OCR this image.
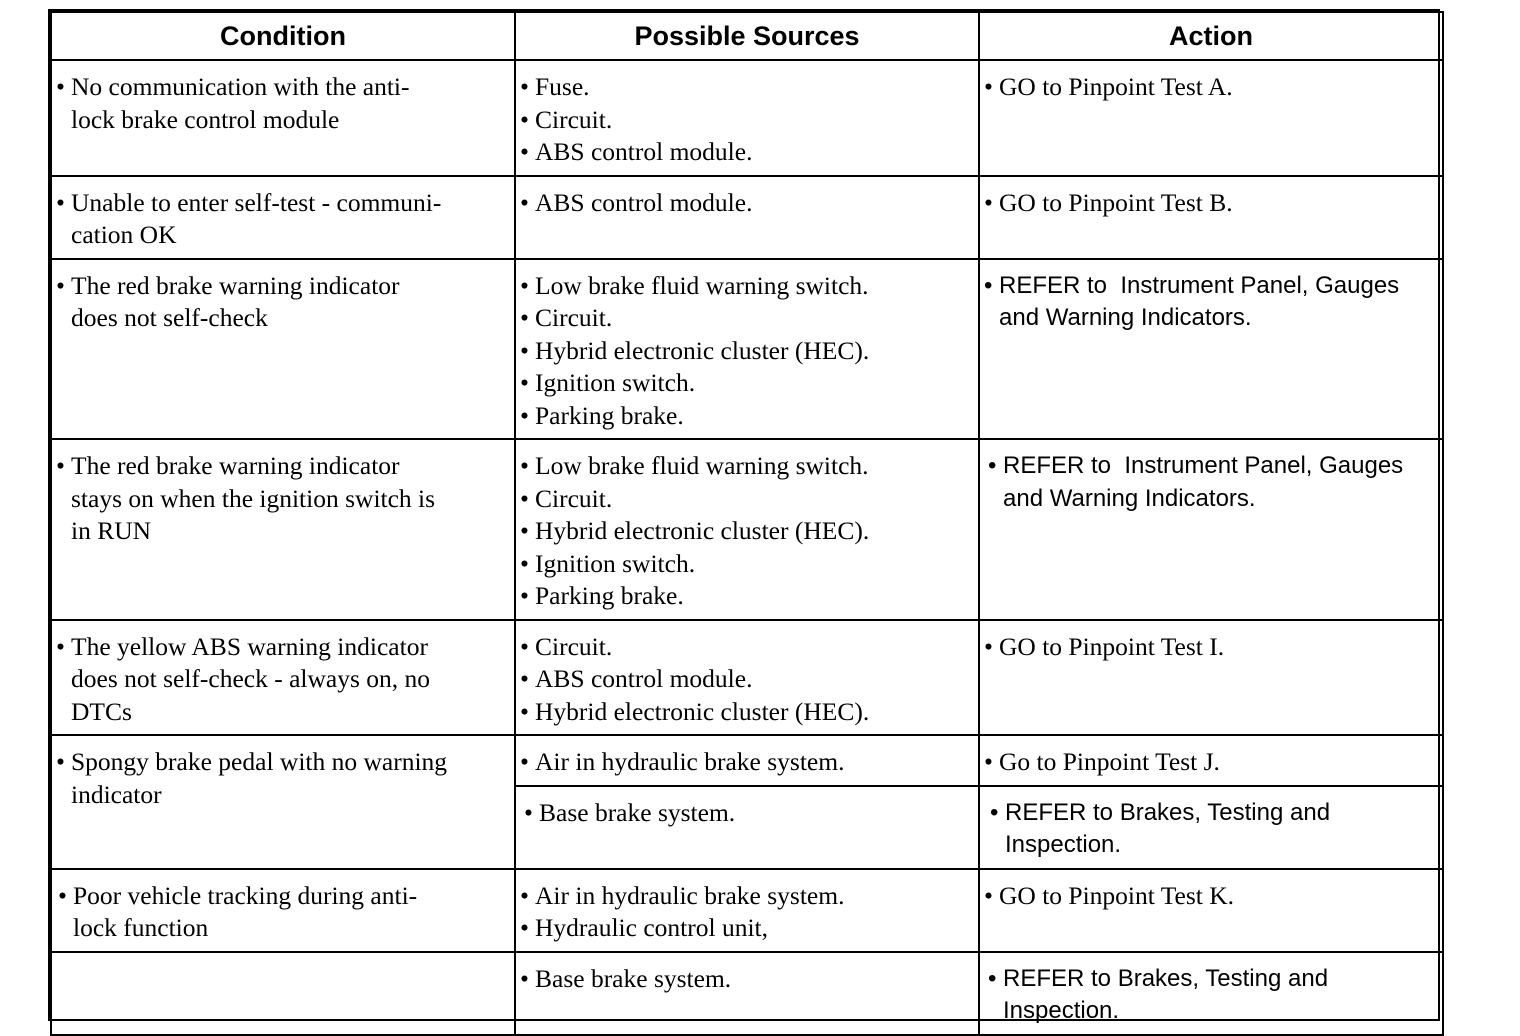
Condition	Possible Sources	Action

• No communication with the anti-
lock brake control module	• Fuse.
• Circuit.
• ABS control module.	• GO to Pinpoint Test A.

• Unable to enter self-test - communi-
cation OK	• ABS control module.	• GO to Pinpoint Test B.

• The red brake warning indicator
does not self-check	• Low brake fluid warning switch.
• Circuit.
• Hybrid electronic cluster (HEC).
• Ignition switch.
• Parking brake.	• REFER to  Instrument Panel, Gauges
and Warning Indicators.

• The red brake warning indicator
stays on when the ignition switch is
in RUN	• Low brake fluid warning switch.
• Circuit.
• Hybrid electronic cluster (HEC).
• Ignition switch.
• Parking brake.	• REFER to  Instrument Panel, Gauges
and Warning Indicators.

• The yellow ABS warning indicator
does not self-check - always on, no
DTCs	• Circuit.
• ABS control module.
• Hybrid electronic cluster (HEC).	• GO to Pinpoint Test I.

• Spongy brake pedal with no warning
indicator	• Air in hydraulic brake system.	• Go to Pinpoint Test J.

	• Base brake system.	• REFER to Brakes, Testing and
Inspection.

• Poor vehicle tracking during anti-
lock function	• Air in hydraulic brake system.
• Hydraulic control unit,	• GO to Pinpoint Test K.

	• Base brake system.	• REFER to Brakes, Testing and
Inspection.
